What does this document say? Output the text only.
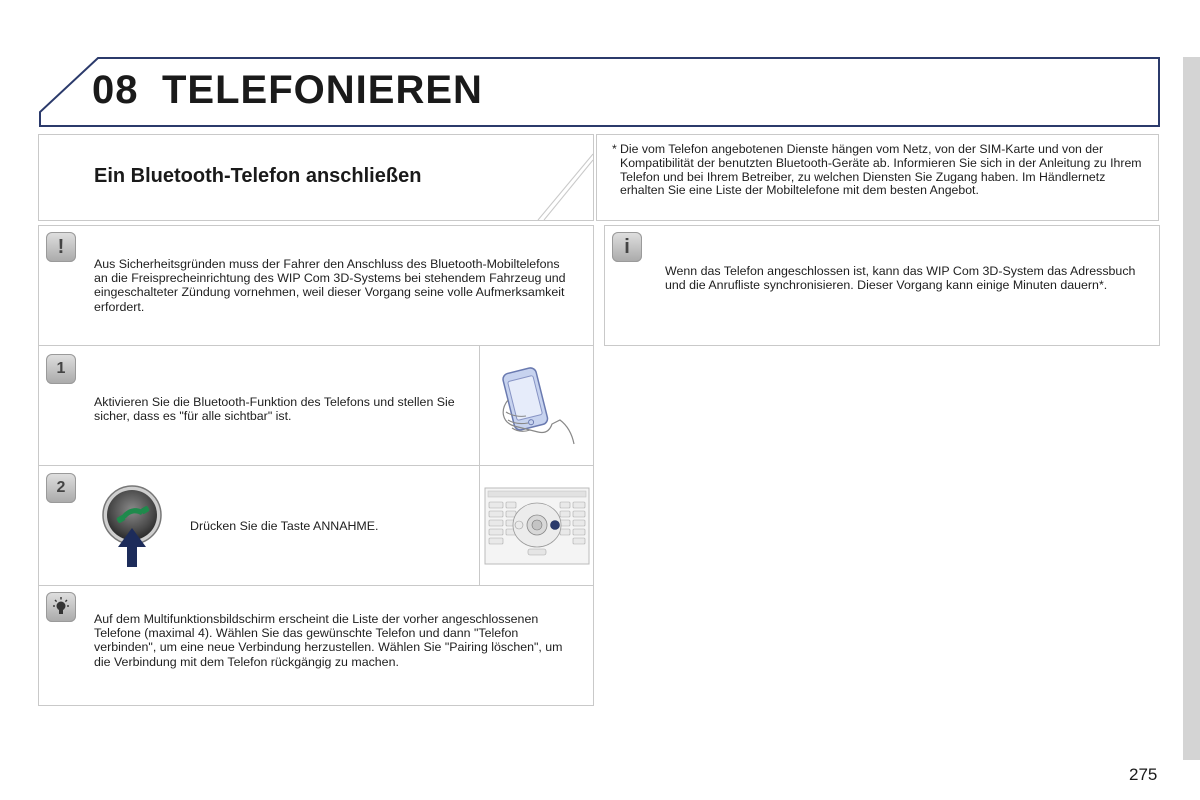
08 TELEFONIEREN
Ein Bluetooth-Telefon anschließen
* Die vom Telefon angebotenen Dienste hängen vom Netz, von der SIM-Karte und von der Kompatibilität der benutzten Bluetooth-Geräte ab. Informieren Sie sich in der Anleitung zu Ihrem Telefon und bei Ihrem Betreiber, zu welchen Diensten Sie Zugang haben. Im Händlernetz erhalten Sie eine Liste der Mobiltelefone mit dem besten Angebot.
!
Aus Sicherheitsgründen muss der Fahrer den Anschluss des Bluetooth-Mobiltelefons an die Freisprecheinrichtung des WIP Com 3D-Systems bei stehendem Fahrzeug und eingeschalteter Zündung vornehmen, weil dieser Vorgang seine volle Aufmerksamkeit erfordert.
1
Aktivieren Sie die Bluetooth-Funktion des Telefons und stellen Sie sicher, dass es "für alle sichtbar" ist.
2
Drücken Sie die Taste ANNAHME.
Auf dem Multifunktionsbildschirm erscheint die Liste der vorher angeschlossenen Telefone (maximal 4). Wählen Sie das gewünschte Telefon und dann "Telefon verbinden", um eine neue Verbindung herzustellen. Wählen Sie "Pairing löschen", um die Verbindung mit dem Telefon rückgängig zu machen.
i
Wenn das Telefon angeschlossen ist, kann das WIP Com 3D-System das Adressbuch und die Anrufliste synchronisieren. Dieser Vorgang kann einige Minuten dauern*.
275
